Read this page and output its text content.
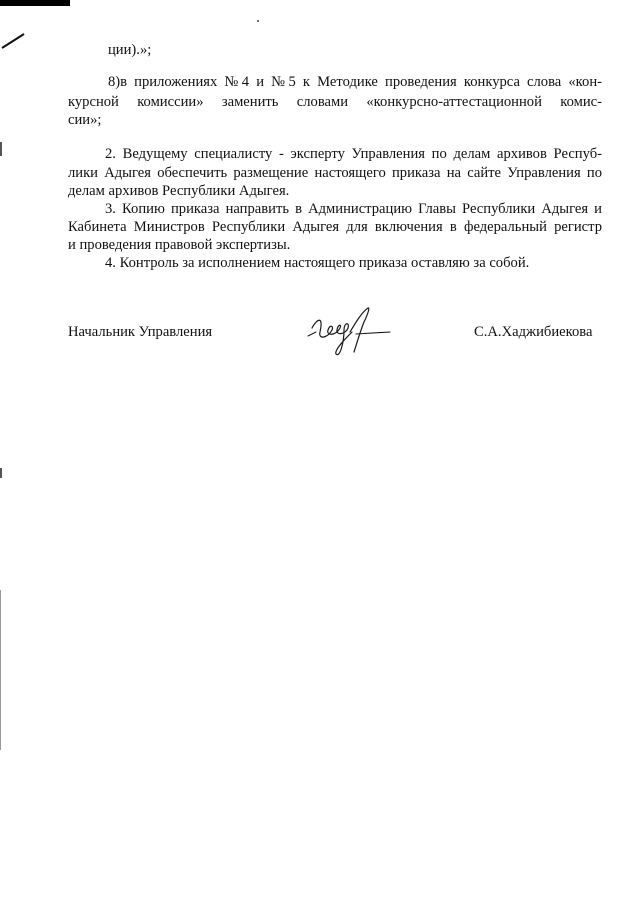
ции).»;

8)в приложениях №4 и №5 к Методике проведения конкурса слова «кон-

курсной комиссии» заменить словами «конкурсно-аттестационной комис-

сии»;

2. Ведущему специалисту - эксперту Управления по делам архивов Респуб-

лики Адыгея обеспечить размещение настоящего приказа на сайте Управления по

делам архивов Республики Адыгея.

3. Копию приказа направить в Администрацию Главы Республики Адыгея и

Кабинета Министров Республики Адыгея для включения в федеральный регистр

и проведения правовой экспертизы.

4. Контроль за исполнением настоящего приказа оставляю за собой.

Начальник Управления	С.А.Хаджибиекова
